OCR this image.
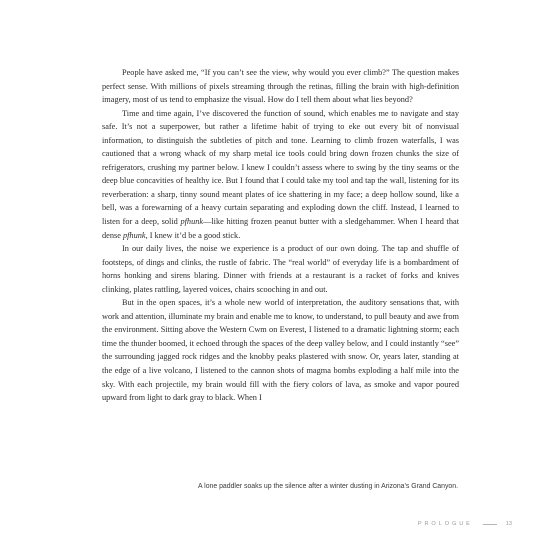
People have asked me, “If you can’t see the view, why would you ever climb?” The question makes perfect sense. With millions of pixels streaming through the retinas, filling the brain with high-definition imagery, most of us tend to emphasize the visual. How do I tell them about what lies beyond?

Time and time again, I’ve discovered the function of sound, which enables me to navigate and stay safe. It’s not a superpower, but rather a lifetime habit of trying to eke out every bit of nonvisual information, to distinguish the subtleties of pitch and tone. Learning to climb frozen waterfalls, I was cautioned that a wrong whack of my sharp metal ice tools could bring down frozen chunks the size of refrigerators, crushing my partner below. I knew I couldn’t assess where to swing by the tiny seams or the deep blue concavities of healthy ice. But I found that I could take my tool and tap the wall, listening for its reverberation: a sharp, tinny sound meant plates of ice shattering in my face; a deep hollow sound, like a bell, was a forewarning of a heavy curtain separating and exploding down the cliff. Instead, I learned to listen for a deep, solid pfhunk—like hitting frozen peanut butter with a sledgehammer. When I heard that dense pfhunk, I knew it’d be a good stick.

In our daily lives, the noise we experience is a product of our own doing. The tap and shuffle of footsteps, of dings and clinks, the rustle of fabric. The “real world” of everyday life is a bombardment of horns honking and sirens blaring. Dinner with friends at a restaurant is a racket of forks and knives clinking, plates rattling, layered voices, chairs scooching in and out.

But in the open spaces, it’s a whole new world of interpretation, the auditory sensations that, with work and attention, illuminate my brain and enable me to know, to understand, to pull beauty and awe from the environment. Sitting above the Western Cwm on Everest, I listened to a dramatic lightning storm; each time the thunder boomed, it echoed through the spaces of the deep valley below, and I could instantly “see” the surrounding jagged rock ridges and the knobby peaks plastered with snow. Or, years later, standing at the edge of a live volcano, I listened to the cannon shots of magma bombs exploding a half mile into the sky. With each projectile, my brain would fill with the fiery colors of lava, as smoke and vapor poured upward from light to dark gray to black. When I

A lone paddler soaks up the silence after a winter dusting in Arizona’s Grand Canyon.
PROLOGUE	13
